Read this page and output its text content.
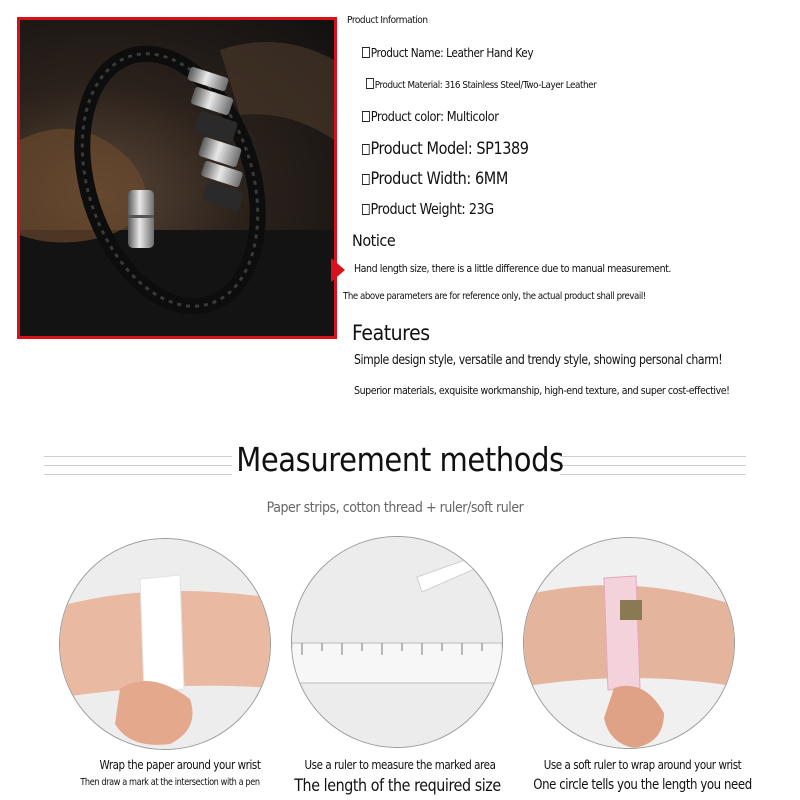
Product Information
Product Name: Leather Hand Key
Product Material: 316 Stainless Steel/Two-Layer Leather
Product color: Multicolor
Product Model: SP1389
Product Width: 6MM
Product Weight: 23G
Notice
Hand length size, there is a little difference due to manual measurement.
The above parameters are for reference only, the actual product shall prevail!
Features
Simple design style, versatile and trendy style, showing personal charm!
Superior materials, exquisite workmanship, high-end texture, and super cost-effective!
Measurement methods
Paper strips, cotton thread + ruler/soft ruler
Wrap the paper around your wrist
Then draw a mark at the intersection with a pen
Use a ruler to measure the marked area
The length of the required size
Use a soft ruler to wrap around your wrist
One circle tells you the length you need
